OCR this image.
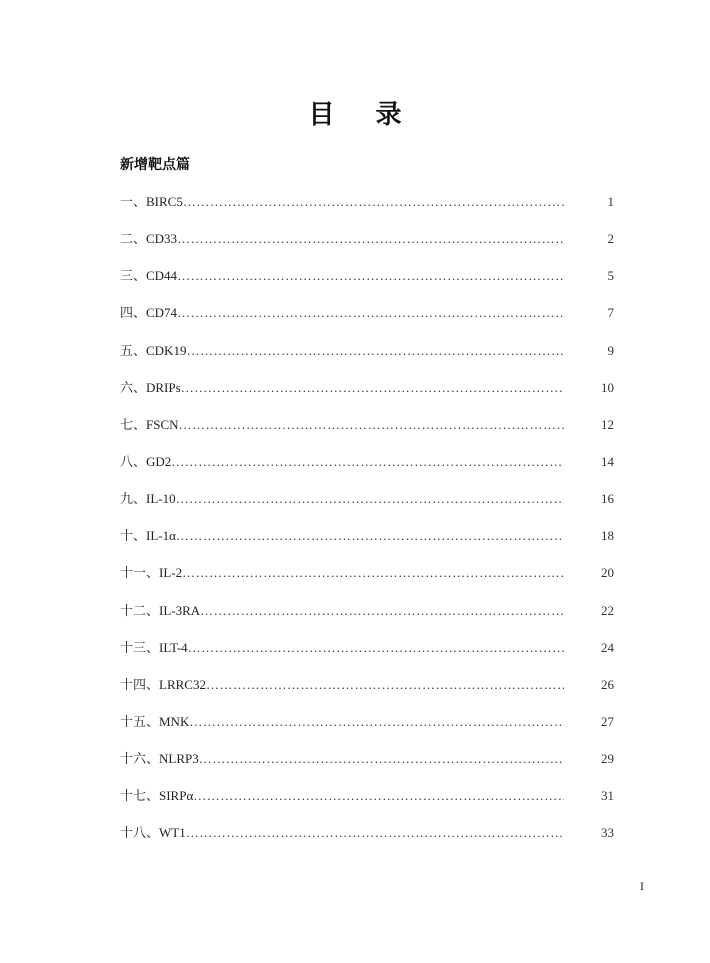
目 录
新增靶点篇
一、BIRC5 ……………………………………………………………………………………………………………………………………………………	1
二、CD33 ……………………………………………………………………………………………………………………………………………………	2
三、CD44 ……………………………………………………………………………………………………………………………………………………	5
四、CD74 ……………………………………………………………………………………………………………………………………………………	7
五、CDK19 ……………………………………………………………………………………………………………………………………………………	9
六、DRIPs ……………………………………………………………………………………………………………………………………………………	10
七、FSCN ……………………………………………………………………………………………………………………………………………………	12
八、GD2 ……………………………………………………………………………………………………………………………………………………	14
九、IL-10 ……………………………………………………………………………………………………………………………………………………	16
十、IL-1α ……………………………………………………………………………………………………………………………………………………	18
十一、IL-2 ……………………………………………………………………………………………………………………………………………………	20
十二、IL-3RA ……………………………………………………………………………………………………………………………………………………	22
十三、ILT-4 ……………………………………………………………………………………………………………………………………………………	24
十四、LRRC32 ……………………………………………………………………………………………………………………………………………………	26
十五、MNK ……………………………………………………………………………………………………………………………………………………	27
十六、NLRP3 ……………………………………………………………………………………………………………………………………………………	29
十七、SIRPα ……………………………………………………………………………………………………………………………………………………	31
十八、WT1 ……………………………………………………………………………………………………………………………………………………	33
I
